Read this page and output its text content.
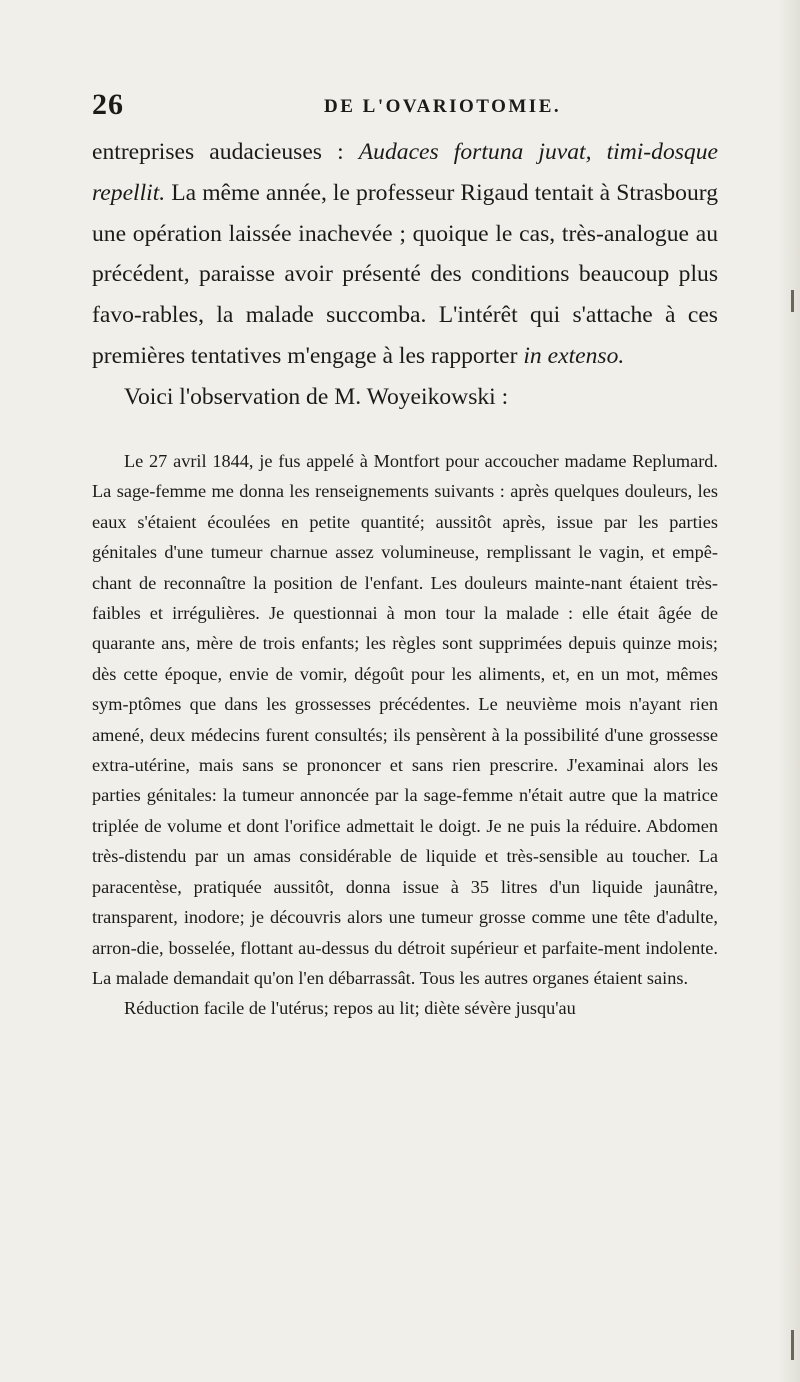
26	DE L'OVARIOTOMIE.

entreprises audacieuses : Audaces fortuna juvat, timi-dosque repellit. La même année, le professeur Rigaud tentait à Strasbourg une opération laissée inachevée ; quoique le cas, très-analogue au précédent, paraisse avoir présenté des conditions beaucoup plus favo-rables, la malade succomba. L'intérêt qui s'attache à ces premières tentatives m'engage à les rapporter in extenso.

Voici l'observation de M. Woyeikowski :

Le 27 avril 1844, je fus appelé à Montfort pour accoucher madame Replumard. La sage-femme me donna les renseignements suivants : après quelques douleurs, les eaux s'étaient écoulées en petite quantité; aussitôt après, issue par les parties génitales d'une tumeur charnue assez volumineuse, remplissant le vagin, et empê-chant de reconnaître la position de l'enfant. Les douleurs mainte-nant étaient très-faibles et irrégulières. Je questionnai à mon tour la malade : elle était âgée de quarante ans, mère de trois enfants; les règles sont supprimées depuis quinze mois; dès cette époque, envie de vomir, dégoût pour les aliments, et, en un mot, mêmes sym-ptômes que dans les grossesses précédentes. Le neuvième mois n'ayant rien amené, deux médecins furent consultés; ils pensèrent à la possibilité d'une grossesse extra-utérine, mais sans se prononcer et sans rien prescrire. J'examinai alors les parties génitales: la tumeur annoncée par la sage-femme n'était autre que la matrice triplée de volume et dont l'orifice admettait le doigt. Je ne puis la réduire. Abdomen très-distendu par un amas considérable de liquide et très-sensible au toucher. La paracentèse, pratiquée aussitôt, donna issue à 35 litres d'un liquide jaunâtre, transparent, inodore; je découvris alors une tumeur grosse comme une tête d'adulte, arron-die, bosselée, flottant au-dessus du détroit supérieur et parfaite-ment indolente. La malade demandait qu'on l'en débarrassât. Tous les autres organes étaient sains.

Réduction facile de l'utérus; repos au lit; diète sévère jusqu'au
